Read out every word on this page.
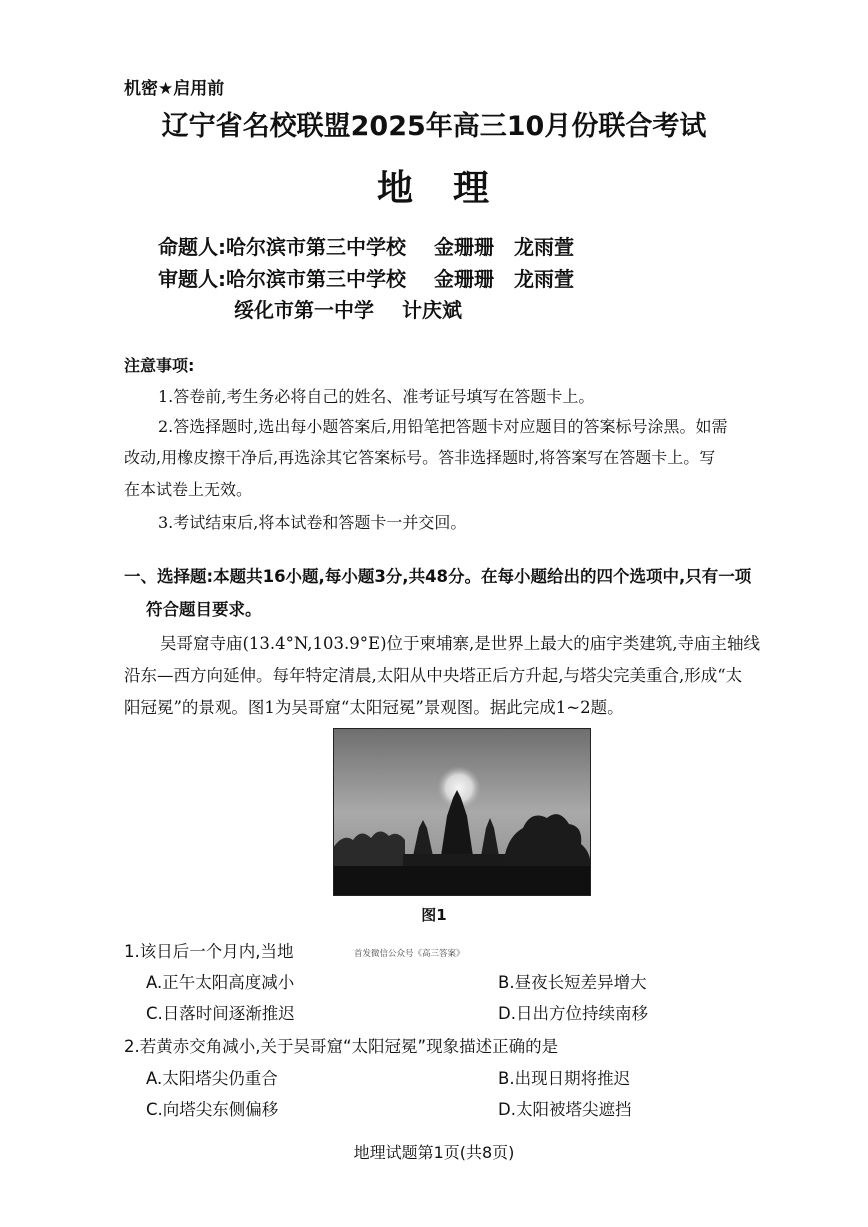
机密★启用前
辽宁省名校联盟2025年高三10月份联合考试
地　理
命题人:哈尔滨市第三中学校 金珊珊　龙雨萱
审题人:哈尔滨市第三中学校 金珊珊　龙雨萱
绥化市第一中学 计庆斌
注意事项:
1.答卷前,考生务必将自己的姓名、准考证号填写在答题卡上。
2.答选择题时,选出每小题答案后,用铅笔把答题卡对应题目的答案标号涂黑。如需
改动,用橡皮擦干净后,再选涂其它答案标号。答非选择题时,将答案写在答题卡上。写
在本试卷上无效。
3.考试结束后,将本试卷和答题卡一并交回。
一、选择题:本题共16小题,每小题3分,共48分。在每小题给出的四个选项中,只有一项
符合题目要求。
吴哥窟寺庙(13.4°N,103.9°E)位于柬埔寨,是世界上最大的庙宇类建筑,寺庙主轴线
沿东—西方向延伸。每年特定清晨,太阳从中央塔正后方升起,与塔尖完美重合,形成“太
阳冠冕”的景观。图1为吴哥窟“太阳冠冕”景观图。据此完成1~2题。
图1
首发微信公众号《高三答案》
1.该日后一个月内,当地
A.正午太阳高度减小	B.昼夜长短差异增大
C.日落时间逐渐推迟	D.日出方位持续南移
2.若黄赤交角减小,关于吴哥窟“太阳冠冕”现象描述正确的是
A.太阳塔尖仍重合	B.出现日期将推迟
C.向塔尖东侧偏移	D.太阳被塔尖遮挡
地理试题第1页(共8页)
